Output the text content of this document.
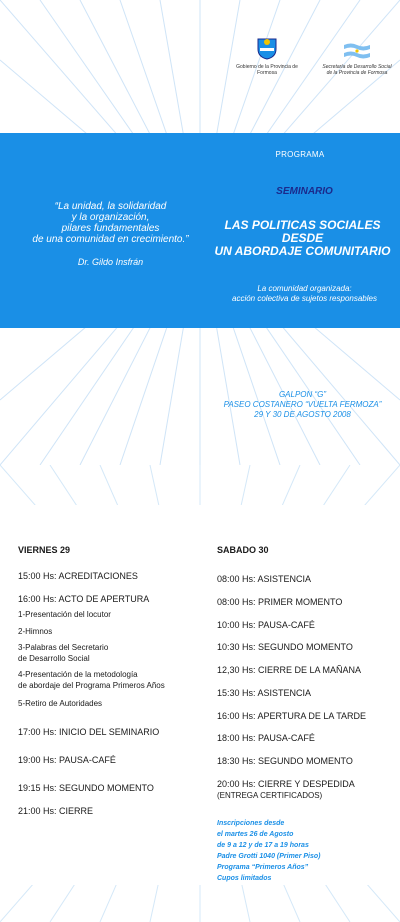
Gobierno de la Provincia de Formosa
Secretaría de Desarrollo Social de la Provincia de Formosa
“La unidad, la solidaridad
y la organización,
pilares fundamentales
de una comunidad en crecimiento.”
Dr. Gildo Insfrán
PROGRAMA
SEMINARIO
LAS POLITICAS SOCIALES
DESDE
UN ABORDAJE COMUNITARIO
La comunidad organizada:
acción colectiva de sujetos responsables
GALPON “G”
PASEO COSTANERO “VUELTA FERMOZA”
29 Y 30 DE AGOSTO 2008
VIERNES 29
15:00 Hs: ACREDITACIONES
16:00 Hs: ACTO DE APERTURA
1-Presentación del locutor
2-Himnos
3-Palabras del Secretario
de Desarrollo Social
4-Presentación de la metodología
de abordaje del Programa Primeros Años
5-Retiro de Autoridades
17:00 Hs: INICIO DEL SEMINARIO
19:00 Hs: PAUSA-CAFÉ
19:15 Hs: SEGUNDO MOMENTO
21:00 Hs: CIERRE
SABADO 30
08:00 Hs: ASISTENCIA
08:00 Hs: PRIMER MOMENTO
10:00 Hs: PAUSA-CAFÉ
10:30 Hs: SEGUNDO MOMENTO
12,30 Hs: CIERRE DE LA MAÑANA
15:30 Hs: ASISTENCIA
16:00 Hs: APERTURA DE LA TARDE
18:00 Hs: PAUSA-CAFÉ
18:30 Hs: SEGUNDO MOMENTO
20:00 Hs: CIERRE Y DESPEDIDA
(ENTREGA CERTIFICADOS)
Inscripciones desde
el martes 26 de Agosto
de 9 a 12 y de 17 a 19 horas
Padre Grotti 1040 (Primer Piso)
Programa “Primeros Años”
Cupos limitados
